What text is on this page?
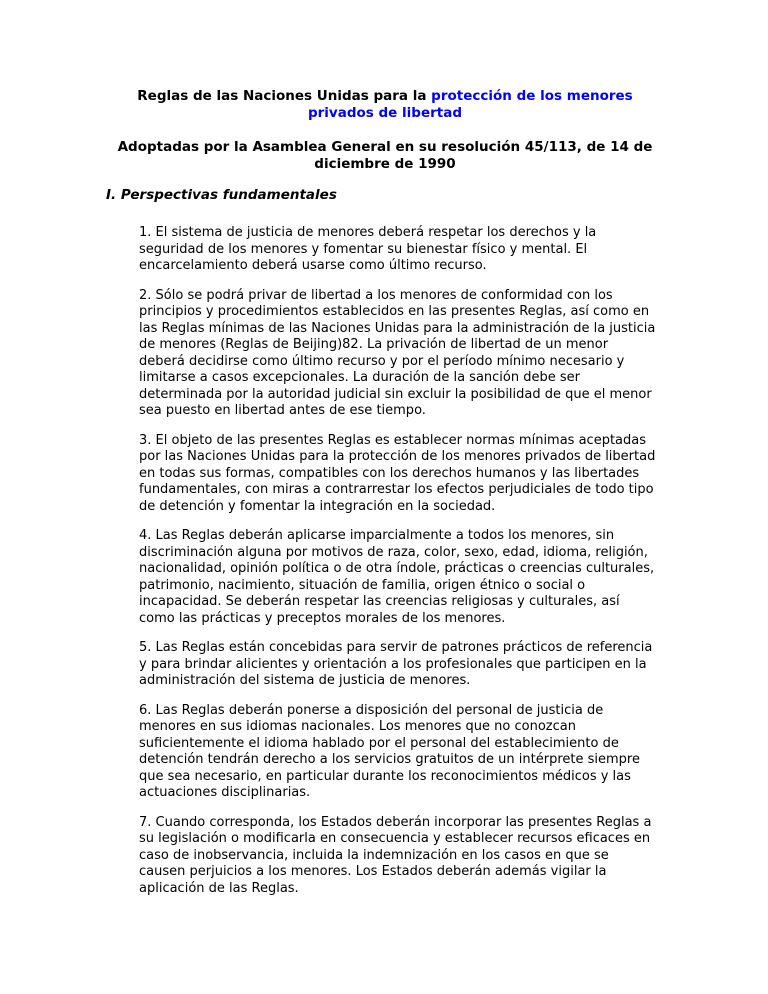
Reglas de las Naciones Unidas para la protección de los menores privados de libertad
Adoptadas por la Asamblea General en su resolución 45/113, de 14 de diciembre de 1990
I. Perspectivas fundamentales

1. El sistema de justicia de menores deberá respetar los derechos y la seguridad de los menores y fomentar su bienestar físico y mental. El encarcelamiento deberá usarse como último recurso.

2. Sólo se podrá privar de libertad a los menores de conformidad con los principios y procedimientos establecidos en las presentes Reglas, así como en las Reglas mínimas de las Naciones Unidas para la administración de la justicia de menores (Reglas de Beijing)82. La privación de libertad de un menor deberá decidirse como último recurso y por el período mínimo necesario y limitarse a casos excepcionales. La duración de la sanción debe ser determinada por la autoridad judicial sin excluir la posibilidad de que el menor sea puesto en libertad antes de ese tiempo.

3. El objeto de las presentes Reglas es establecer normas mínimas aceptadas por las Naciones Unidas para la protección de los menores privados de libertad en todas sus formas, compatibles con los derechos humanos y las libertades fundamentales, con miras a contrarrestar los efectos perjudiciales de todo tipo de detención y fomentar la integración en la sociedad.

4. Las Reglas deberán aplicarse imparcialmente a todos los menores, sin discriminación alguna por motivos de raza, color, sexo, edad, idioma, religión, nacionalidad, opinión política o de otra índole, prácticas o creencias culturales, patrimonio, nacimiento, situación de familia, origen étnico o social o incapacidad. Se deberán respetar las creencias religiosas y culturales, así como las prácticas y preceptos morales de los menores.

5. Las Reglas están concebidas para servir de patrones prácticos de referencia y para brindar alicientes y orientación a los profesionales que participen en la administración del sistema de justicia de menores.

6. Las Reglas deberán ponerse a disposición del personal de justicia de menores en sus idiomas nacionales. Los menores que no conozcan suficientemente el idioma hablado por el personal del establecimiento de detención tendrán derecho a los servicios gratuitos de un intérprete siempre que sea necesario, en particular durante los reconocimientos médicos y las actuaciones disciplinarias.

7. Cuando corresponda, los Estados deberán incorporar las presentes Reglas a su legislación o modificarla en consecuencia y establecer recursos eficaces en caso de inobservancia, incluida la indemnización en los casos en que se causen perjuicios a los menores. Los Estados deberán además vigilar la aplicación de las Reglas.
